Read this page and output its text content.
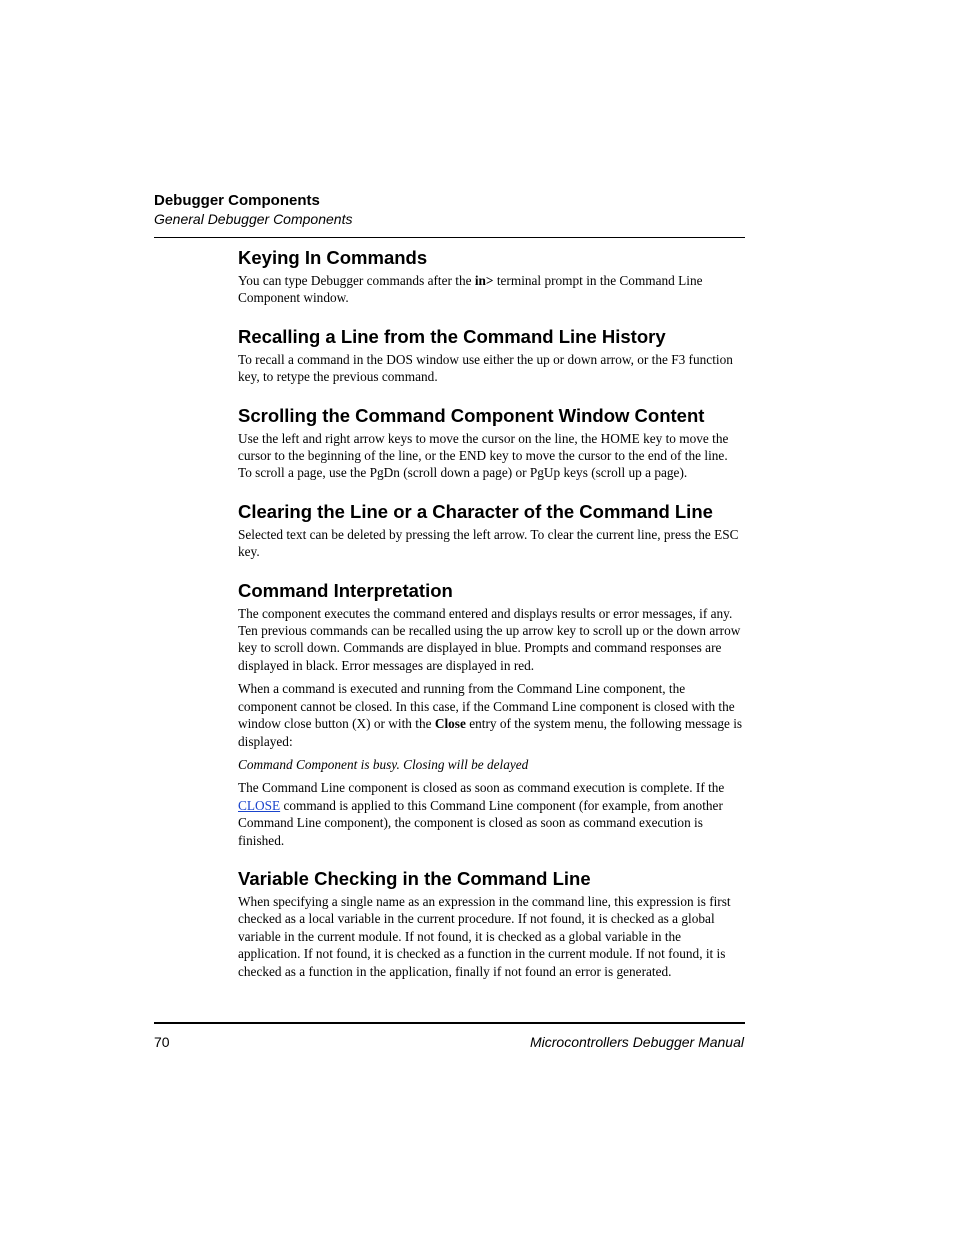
Debugger Components
General Debugger Components
Keying In Commands

You can type Debugger commands after the in> terminal prompt in the Command Line Component window.

Recalling a Line from the Command Line History

To recall a command in the DOS window use either the up or down arrow, or the F3 function key, to retype the previous command.

Scrolling the Command Component Window Content

Use the left and right arrow keys to move the cursor on the line, the HOME key to move the cursor to the beginning of the line, or the END key to move the cursor to the end of the line. To scroll a page, use the PgDn (scroll down a page) or PgUp keys (scroll up a page).

Clearing the Line or a Character of the Command Line

Selected text can be deleted by pressing the left arrow. To clear the current line, press the ESC key.

Command Interpretation

The component executes the command entered and displays results or error messages, if any. Ten previous commands can be recalled using the up arrow key to scroll up or the down arrow key to scroll down. Commands are displayed in blue. Prompts and command responses are displayed in black. Error messages are displayed in red.

When a command is executed and running from the Command Line component, the component cannot be closed. In this case, if the Command Line component is closed with the window close button (X) or with the Close entry of the system menu, the following message is displayed:

Command Component is busy. Closing will be delayed

The Command Line component is closed as soon as command execution is complete. If the CLOSE command is applied to this Command Line component (for example, from another Command Line component), the component is closed as soon as command execution is finished.

Variable Checking in the Command Line

When specifying a single name as an expression in the command line, this expression is first checked as a local variable in the current procedure. If not found, it is checked as a global variable in the current module. If not found, it is checked as a global variable in the application. If not found, it is checked as a function in the current module. If not found, it is checked as a function in the application, finally if not found an error is generated.

70	Microcontrollers Debugger Manual
